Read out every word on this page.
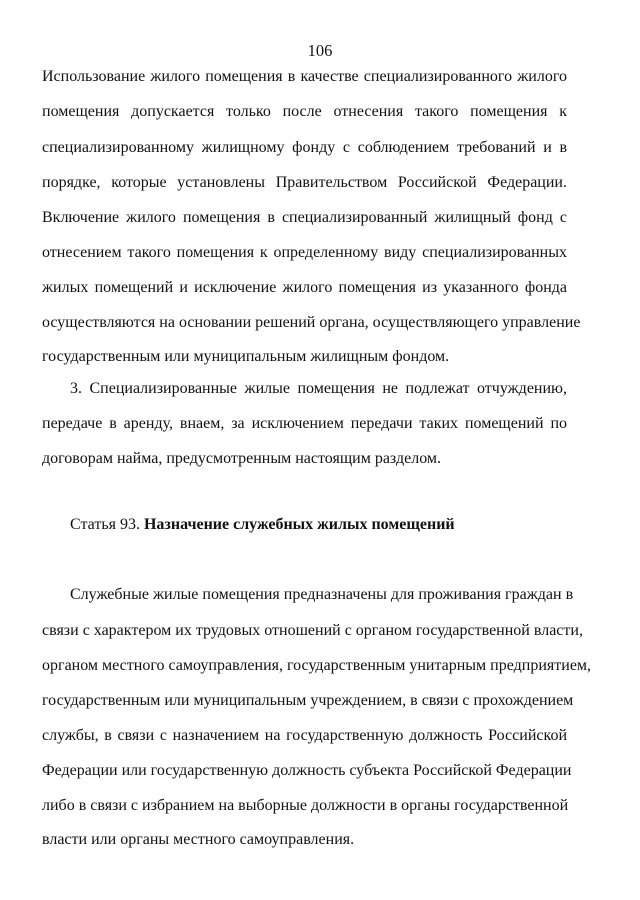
106
Использование жилого помещения в качестве специализированного жилого
помещения допускается только после отнесения такого помещения к
специализированному жилищному фонду с соблюдением требований и в
порядке, которые установлены Правительством Российской Федерации.
Включение жилого помещения в специализированный жилищный фонд с
отнесением такого помещения к определенному виду специализированных
жилых помещений и исключение жилого помещения из указанного фонда
осуществляются на основании решений органа, осуществляющего управление
государственным или муниципальным жилищным фондом.
3. Специализированные жилые помещения не подлежат отчуждению,
передаче в аренду, внаем, за исключением передачи таких помещений по
договорам найма, предусмотренным настоящим разделом.
Статья 93. Назначение служебных жилых помещений
Служебные жилые помещения предназначены для проживания граждан в
связи с характером их трудовых отношений с органом государственной власти,
органом местного самоуправления, государственным унитарным предприятием,
государственным или муниципальным учреждением, в связи с прохождением
службы, в связи с назначением на государственную должность Российской
Федерации или государственную должность субъекта Российской Федерации
либо в связи с избранием на выборные должности в органы государственной
власти или органы местного самоуправления.
